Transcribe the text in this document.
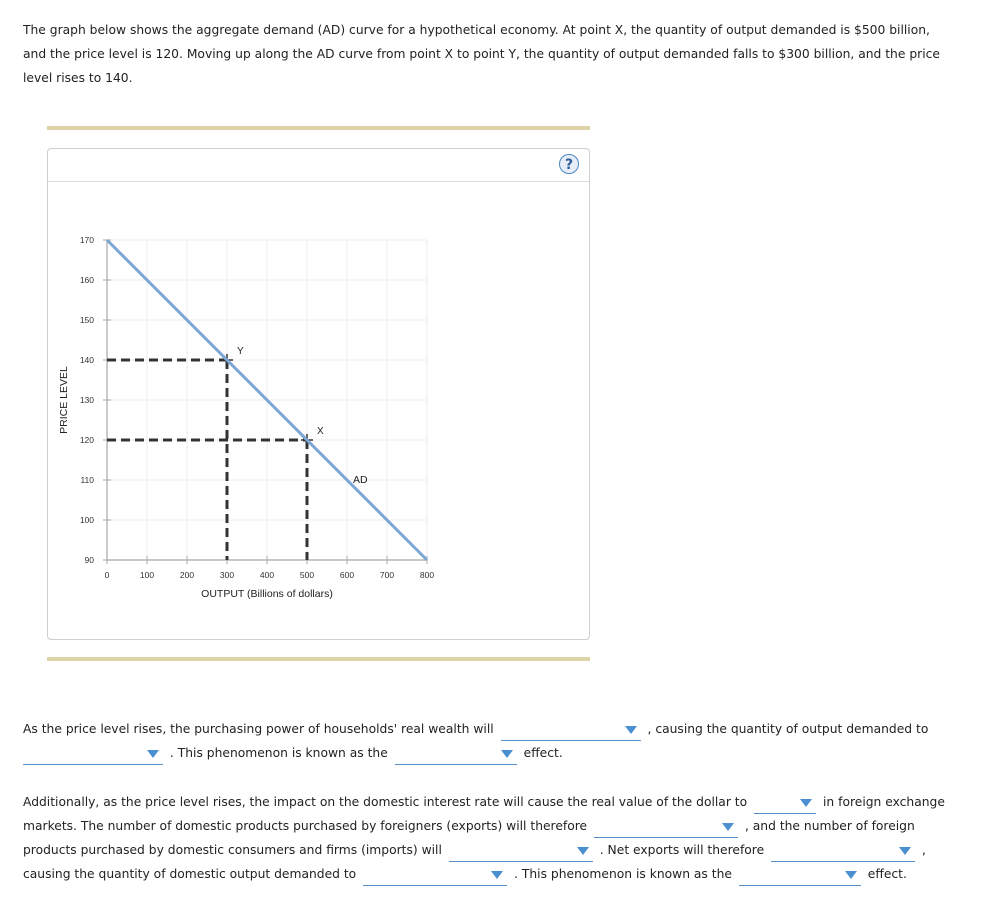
The graph below shows the aggregate demand (AD) curve for a hypothetical economy. At point X, the quantity of output demanded is $500 billion, and the price level is 120. Moving up along the AD curve from point X to point Y, the quantity of output demanded falls to $300 billion, and the price level rises to 140.
?
0	100	200	300	400	500	600	700	800
90
100
110
120
130
140
150
160
170
OUTPUT (Billions of dollars)
PRICE LEVEL	X
Y
AD
As the price level rises, the purchasing power of households' real wealth will	, causing the quantity of output demanded to

. This phenomenon is known as the	effect.
Additionally, as the price level rises, the impact on the domestic interest rate will cause the real value of the dollar to	in foreign exchange markets. The number of domestic products purchased by foreigners (exports) will therefore	, and the number of foreign products purchased by domestic consumers and firms (imports) will	. Net exports will therefore	, causing the quantity of domestic output demanded to	. This phenomenon is known as the	effect.
